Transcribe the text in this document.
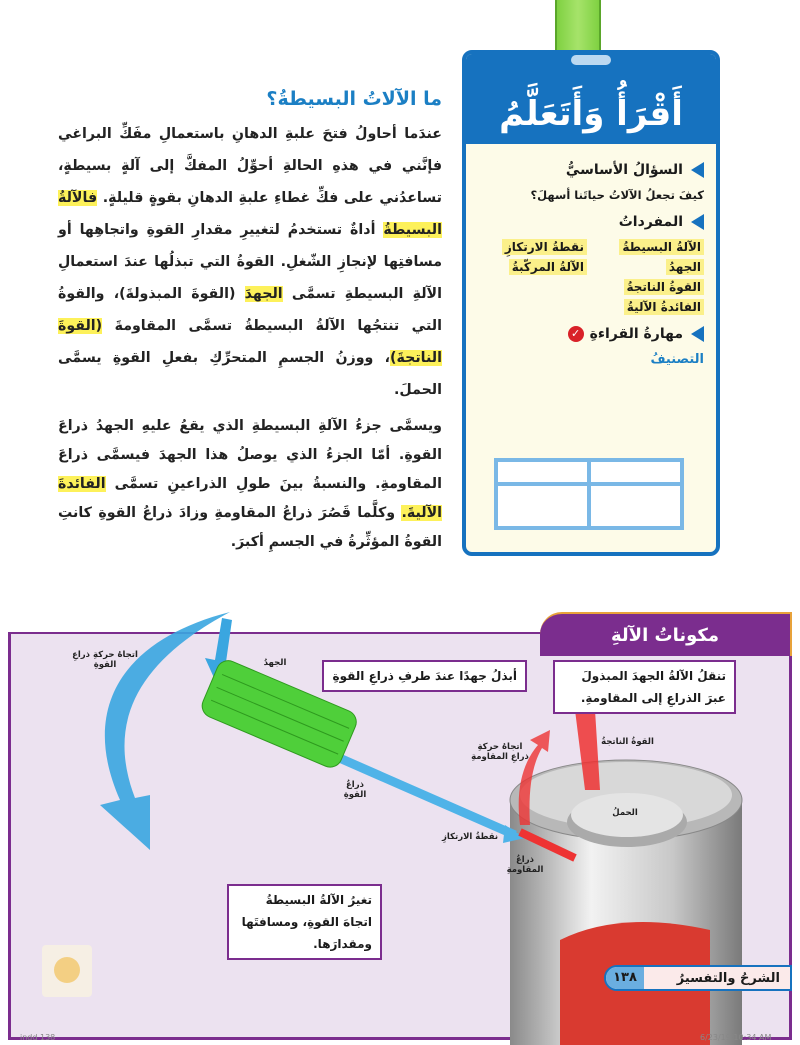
ما الآلاتُ البسيطةُ؟

عندَما أحاولُ فتحَ علبةِ الدهانِ باستعمالِ مفَكِّ البراغي فإنَّني في هذهِ الحالةِ أحوِّلُ المفكَّ إلى آلةٍ بسيطةٍ، تساعدُني على فكِّ غطاءِ علبةِ الدهانِ بقوةٍ قليلةٍ. فالآلةُ البسيطةُ أداةٌ تستخدمُ لتغييرِ مقدارِ القوةِ واتجاهِها أو مسافتِها لإنجازِ الشّغلِ. القوةُ التي تبذلُها عندَ استعمالِ الآلةِ البسيطةِ تسمَّى الجهدَ (القوةَ المبذولةَ)، والقوةُ التي تنتجُها الآلةُ البسيطةُ تسمَّى المقاومةَ (القوةَ الناتجةَ)، ووزنُ الجسمِ المتحرِّكِ بفعلِ القوةِ يسمَّى الحملَ.

ويسمَّى جزءُ الآلةِ البسيطةِ الذي يقعُ عليهِ الجهدُ ذراعَ القوةِ. أمّا الجزءُ الذي يوصلُ هذا الجهدَ فيسمَّى ذراعَ المقاومةِ. والنسبةُ بينَ طولِ الذراعينِ تسمَّى الفائدةَ الآليةَ. وكلَّما قَصُرَ ذراعُ المقاومةِ وزادَ ذراعُ القوةِ كانتِ القوةُ المؤثِّرةُ في الجسمِ أكبرَ.

أَقْرَأُ وَأَتَعَلَّمُ
السؤالُ الأساسيُّ
كيفَ تجعلُ الآلاتُ حياتَنا أسهلَ؟
المفرداتُ
الآلةُ البسيطةُ
نقطةُ الارتكازِ
الجهدُ
الآلةُ المركّبةُ
القوةُ الناتجةُ
الفائدةُ الآليةُ
مهارةُ القراءةِ
✓
التصنيفُ
مكوناتُ الآلةِ
أبذلُ جهدًا عندَ طرفِ ذراعِ القوةِ	تنقلُ الآلةُ الجهدَ المبذولَ عبرَ الذراعِ إلى المقاومةِ.
تغيرُ الآلةُ البسيطةُ اتجاهَ القوةِ، ومسافتَها ومقدارَها.
اتجاهُ حركةِ ذراعِ القوةِ	الجهدُ
ذراعُ القوةِ
اتجاهُ حركةِ ذراعِ المقاومةِ
القوةُ الناتجةُ
الحملُ
نقطةُ الارتكازِ
ذراعُ المقاومةِ
الشرحُ والتفسيرُ
١٣٨
indd 138	6/23/19 10:34 AM
